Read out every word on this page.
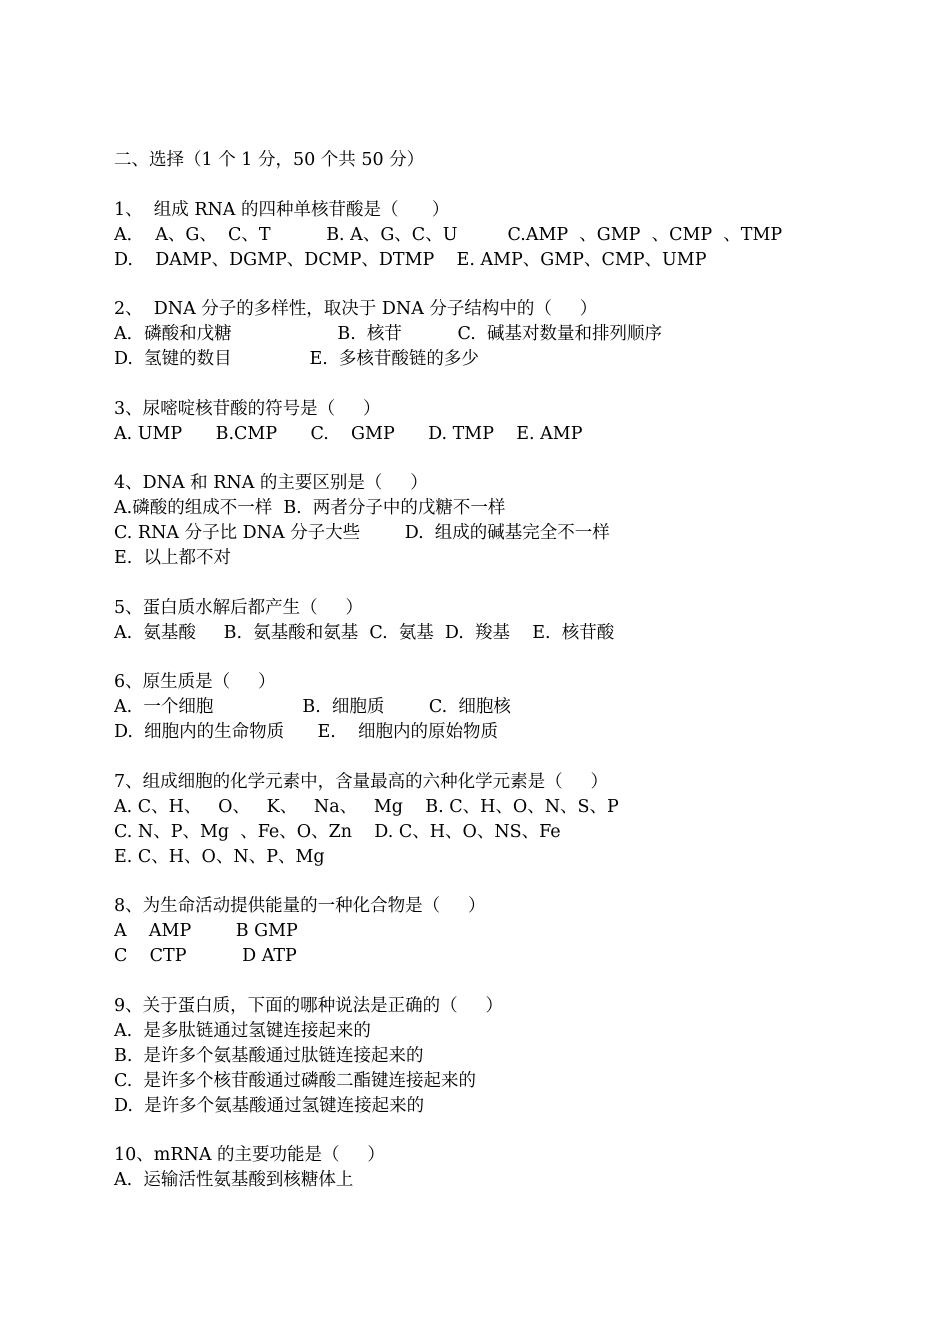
二、选择（1 个 1 分，50 个共 50 分）
1、  组成 RNA 的四种单核苷酸是（      ）
A．  A、G、  C、T          B. A、G、C、U         C.AMP  、GMP  、CMP  、TMP
D.    DAMP、DGMP、DCMP、DTMP    E. AMP、GMP、CMP、UMP
2、  DNA 分子的多样性，取决于 DNA 分子结构中的（     ）
A．磷酸和戊糖                   B.  核苷          C.  碱基对数量和排列顺序
D.  氢键的数目              E.  多核苷酸链的多少
3、尿嘧啶核苷酸的符号是（     ）
A. UMP      B.CMP      C.    GMP      D. TMP    E. AMP
4、DNA 和 RNA 的主要区别是（     ）
A.磷酸的组成不一样  B.  两者分子中的戊糖不一样
C. RNA 分子比 DNA 分子大些        D.  组成的碱基完全不一样
E.  以上都不对
5、蛋白质水解后都产生（     ）
A.  氨基酸     B.  氨基酸和氨基  C.  氨基  D.  羧基    E.  核苷酸
6、原生质是（     ）
A.  一个细胞                B.  细胞质        C.  细胞核
D.  细胞内的生命物质      E.    细胞内的原始物质
7、组成细胞的化学元素中，含量最高的六种化学元素是（     ）
A. C、H、   O、   K、   Na、   Mg    B. C、H、O、N、S、P
C. N、P、Mg  、Fe、O、Zn    D. C、H、O、NS、Fe
E. C、H、O、N、P、Mg
8、为生命活动提供能量的一种化合物是（     ）
A    AMP        B GMP
C    CTP          D ATP
9、关于蛋白质，下面的哪种说法是正确的（     ）
A.  是多肽链通过氢键连接起来的
B.  是许多个氨基酸通过肽链连接起来的
C.  是许多个核苷酸通过磷酸二酯键连接起来的
D.  是许多个氨基酸通过氢键连接起来的
10、mRNA 的主要功能是（     ）
A.  运输活性氨基酸到核糖体上
